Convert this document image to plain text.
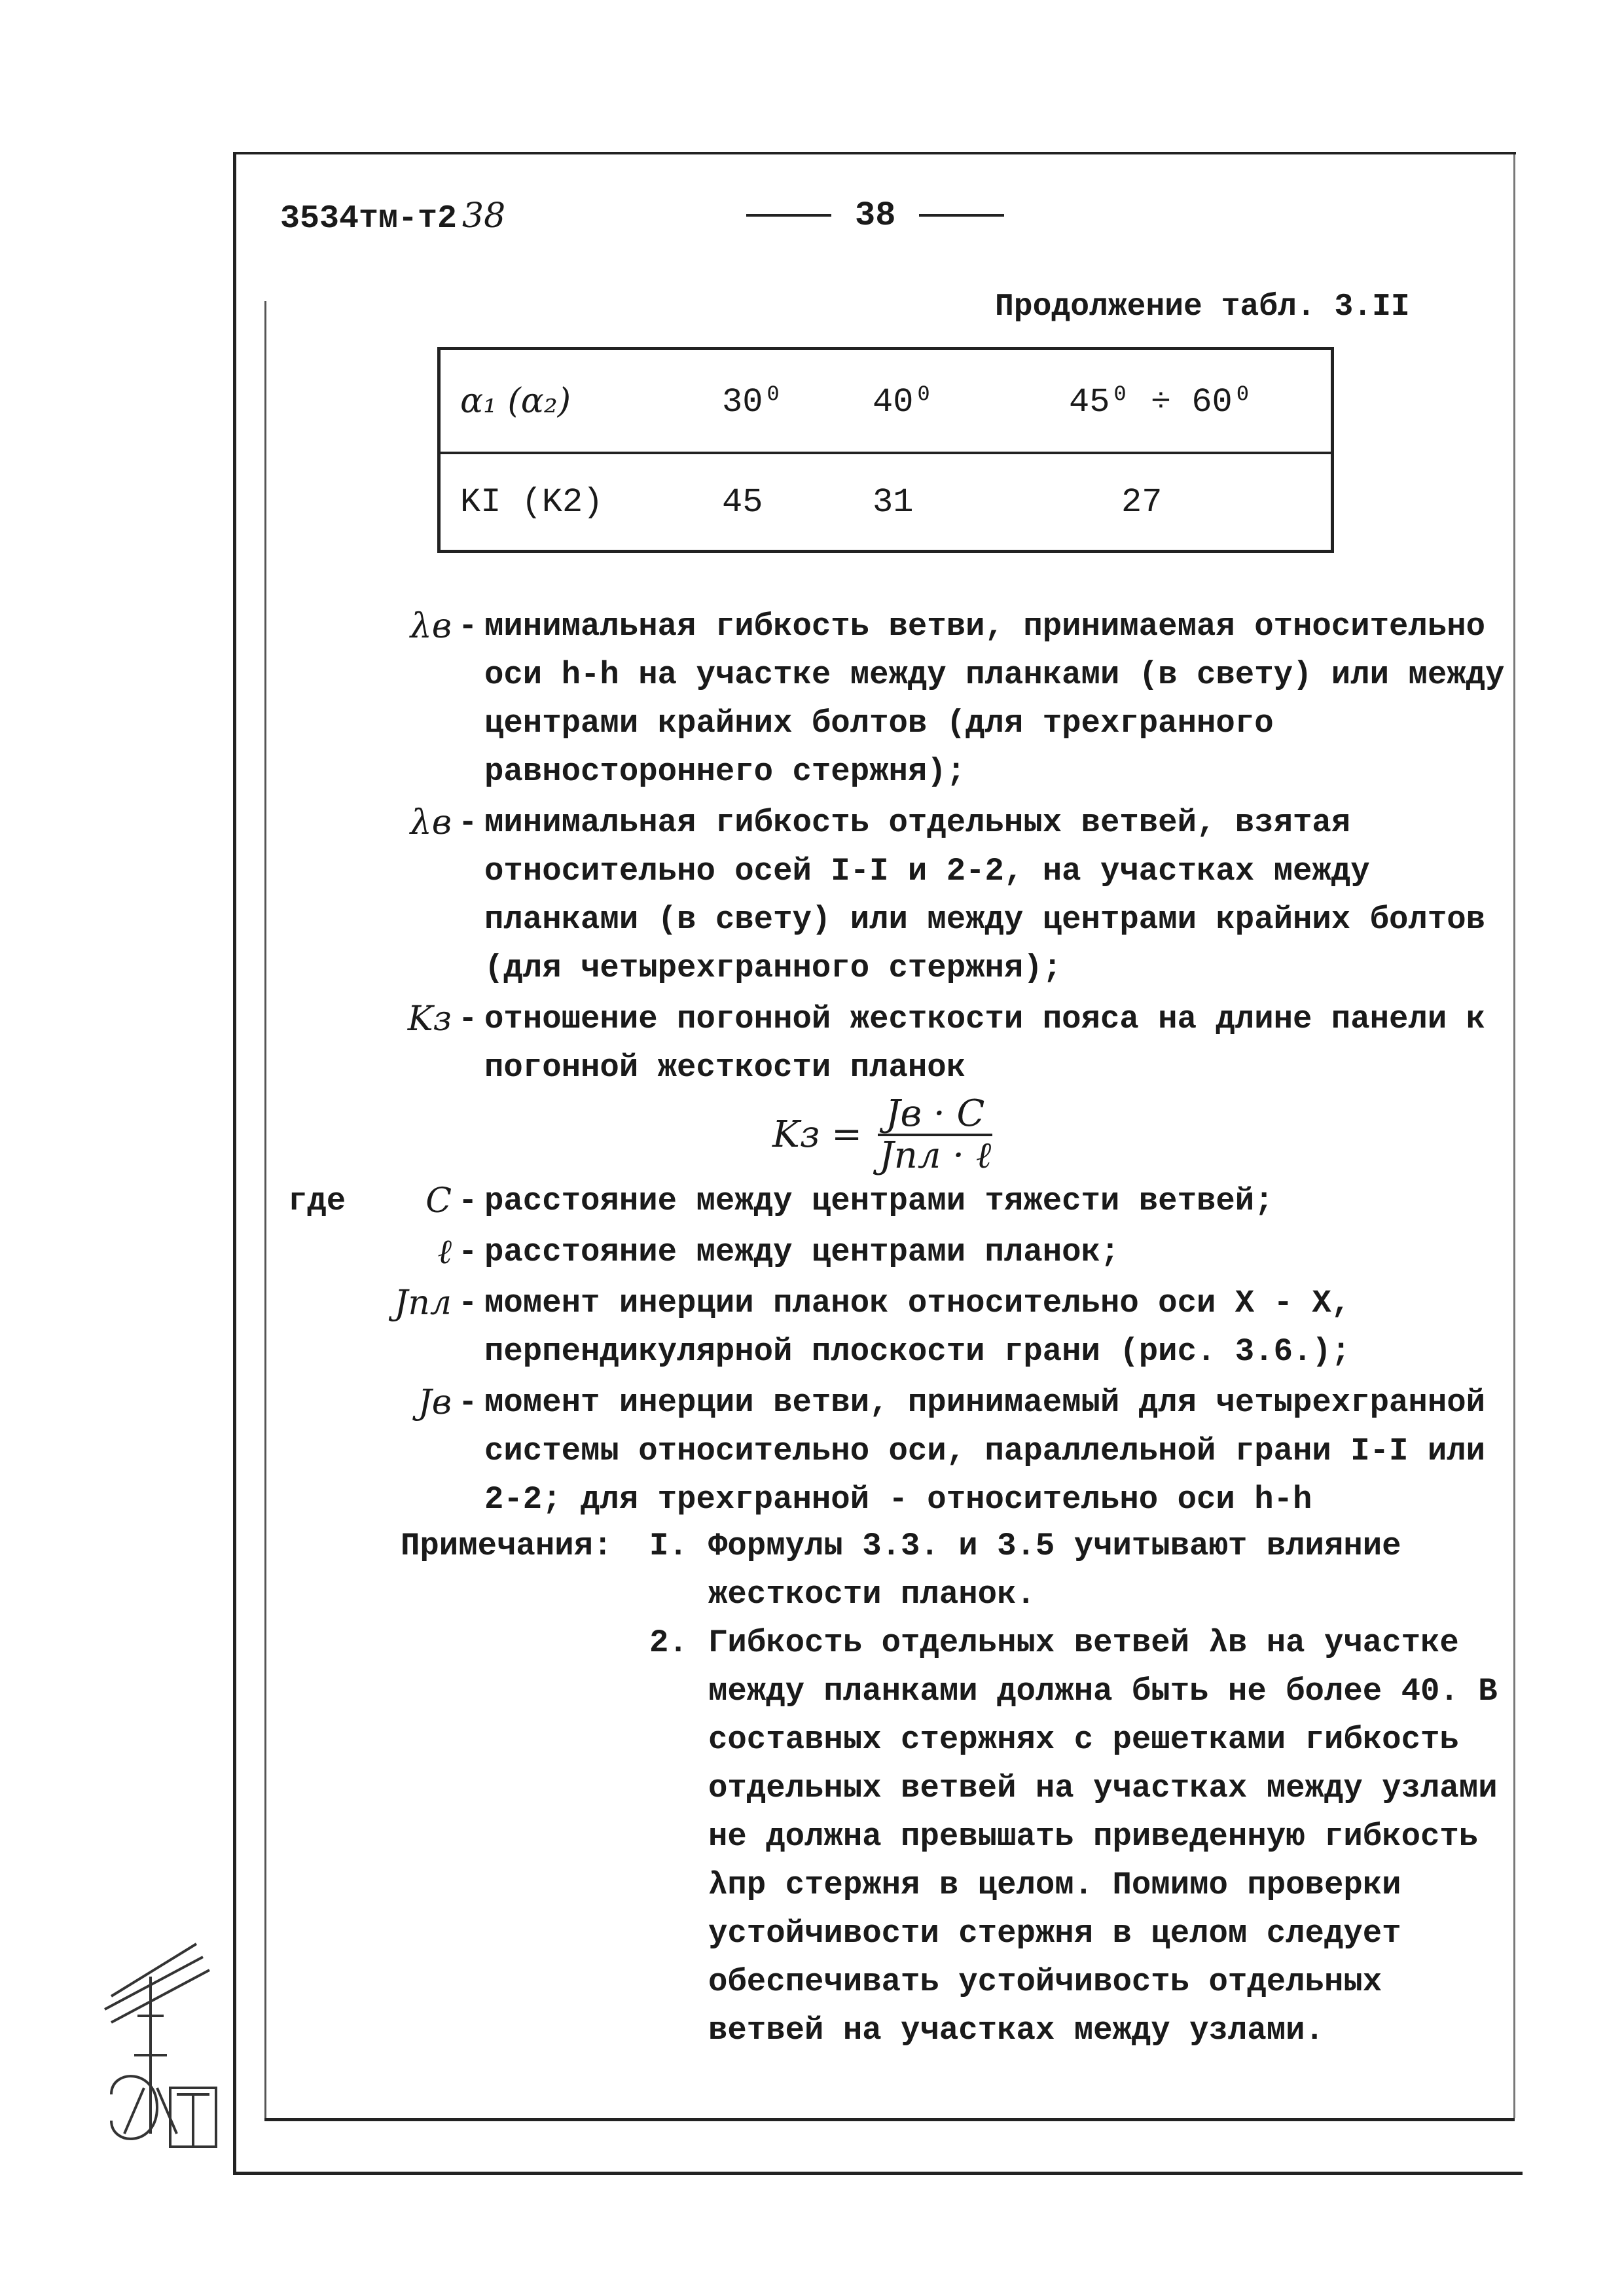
3534тм-т2 38	38
Продолжение табл. 3.II
α₁ (α₂)	30⁰	40⁰	45⁰ ÷ 60⁰
KI (K2)	45	31	27
λв - минимальная гибкость ветви, принимаемая относительно оси h-h на участке между планками (в свету) или между центрами крайних болтов (для трехгранного равностороннего стержня);
λв - минимальная гибкость отдельных ветвей, взятая относительно осей I-I и 2-2, на участках между планками (в свету) или между центрами крайних болтов (для четырехгранного стержня);
Kз - отношение погонной жесткости пояса на длине панели к погонной жесткости планок
Kз = $\frac{Jв \cdot C}{\text{Jпл · ℓ}}$
где	C - расстояние между центрами тяжести ветвей;
ℓ - расстояние между центрами планок;
Jпл - момент инерции планок относительно оси X - X, перпендикулярной плоскости грани (рис. 3.6.);
Jв - момент инерции ветви, принимаемый для четырехгранной системы относительно оси, параллельной грани I-I или 2-2; для трехгранной - относительно оси h-h
Примечания:	I. Формулы 3.3. и 3.5 учитывают влияние жесткости планок.
2. Гибкость отдельных ветвей λв на участке между планками должна быть не более 40. В составных стержнях с решетками гибкость отдельных ветвей на участках между узлами не должна превышать приведенную гибкость λпр стержня в целом. Помимо проверки устойчивости стержня в целом следует обеспечивать устойчивость отдельных ветвей на участках между узлами.
